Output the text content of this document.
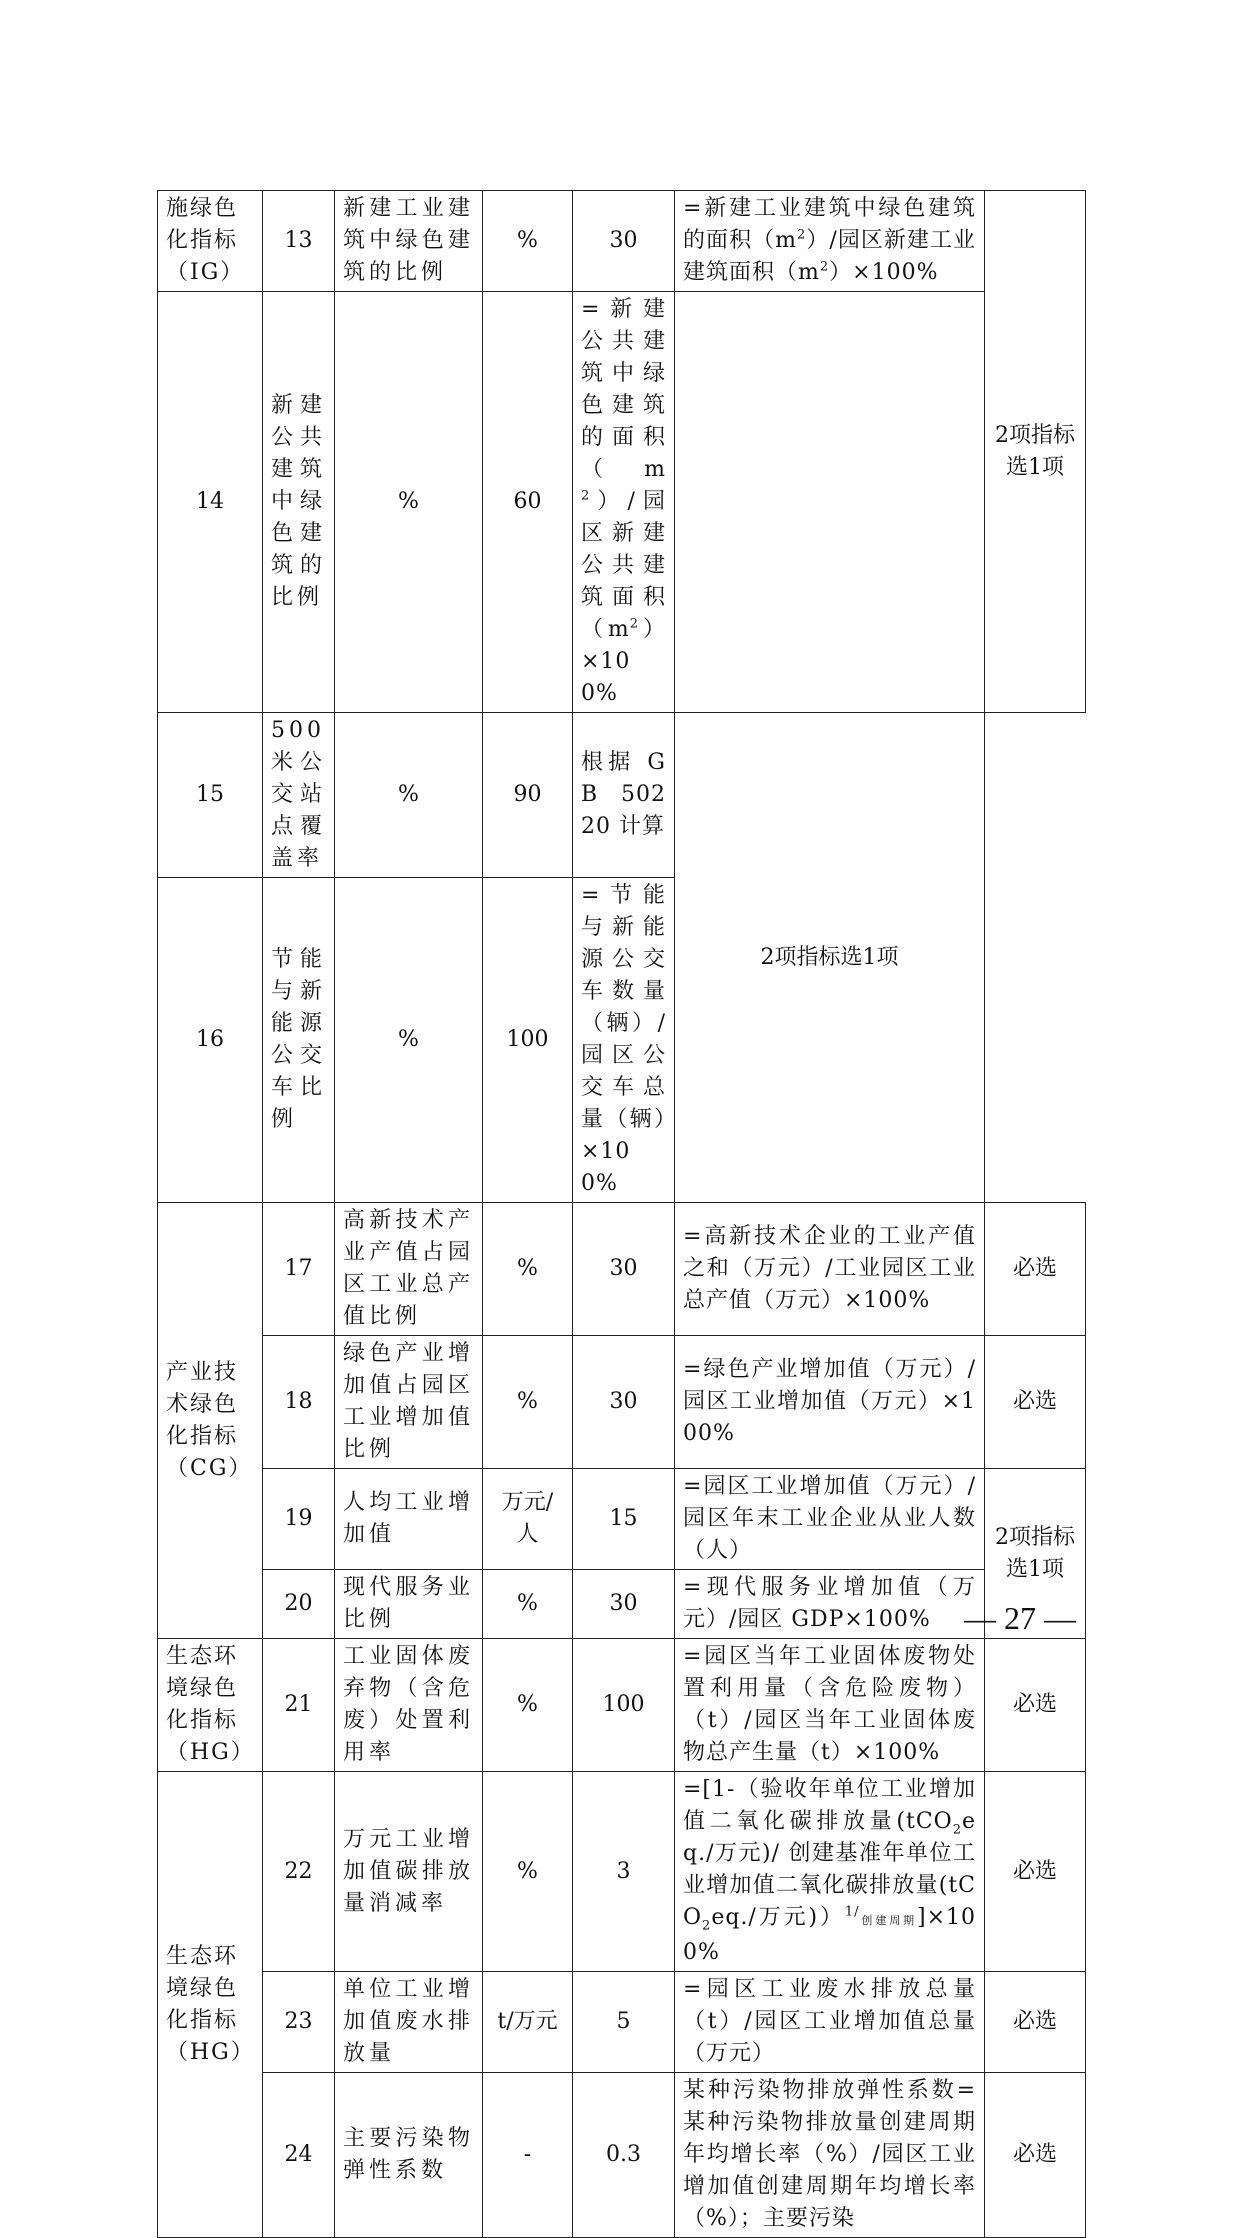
施绿色化指标（IG）	13	新建工业建筑中绿色建筑的比例	%	30	=新建工业建筑中绿色建筑的面积$(m^2)/$园区新建工业建筑面积$(m^2)\times 100\%$	2项指标选1项
14	新建公共建筑中绿色建筑的比例	%	60	=新建公共建筑中绿色建筑的面积$(m^2)/$园区新建公共建筑面积$(m^2)\times 100\%$		
15	500米公交站点覆盖率	%	90	根据 GB 50220 计算	2项指标选1项	
16	节能与新能源公交车比例	%	100	=节能与新能源公交车数量（辆）/园区公交车总量（辆）×100%		
产业技术绿色化指标（CG）	17	高新技术产业产值占园区工业总产值比例	%	30	=高新技术企业的工业产值之和（万元）/工业园区工业总产值（万元）×100%	必选
	18	绿色产业增加值占园区工业增加值比例	%	30	=绿色产业增加值（万元）/园区工业增加值（万元）×100%	必选
	19	人均工业增加值	万元/人	15	=园区工业增加值（万元）/园区年末工业企业从业人数（人）	2项指标选1项
	20	现代服务业比例	%	30	=现代服务业增加值（万元）/园区 GDP×100%	
生态环境绿色化指标（HG）	21	工业固体废弃物（含危废）处置利用率	%	100	=园区当年工业固体废物处置利用量（含危险废物）（t）/园区当年工业固体废物总产生量（t）×100%	必选
生态环境绿色化指标（HG）	22	万元工业增加值碳排放量消减率	%	3	=[1-（验收年单位工业增加值二氧化碳排放量(tCO$_2$eq./万元)/ 创建基准年单位工业增加值二氧化碳排放量(tCO$_2$eq./万元)）$^{1/}$创建周期]×100%	必选
	23	单位工业增加值废水排放量	t/万元	5	=园区工业废水排放总量（t）/园区工业增加值总量（万元）	必选
	24	主要污染物弹性系数	-	0.3	某种污染物排放弹性系数=某种污染物排放量创建周期年均增长率（%）/园区工业增加值创建周期年均增长率（%）；主要污染	必选
— 27 —
